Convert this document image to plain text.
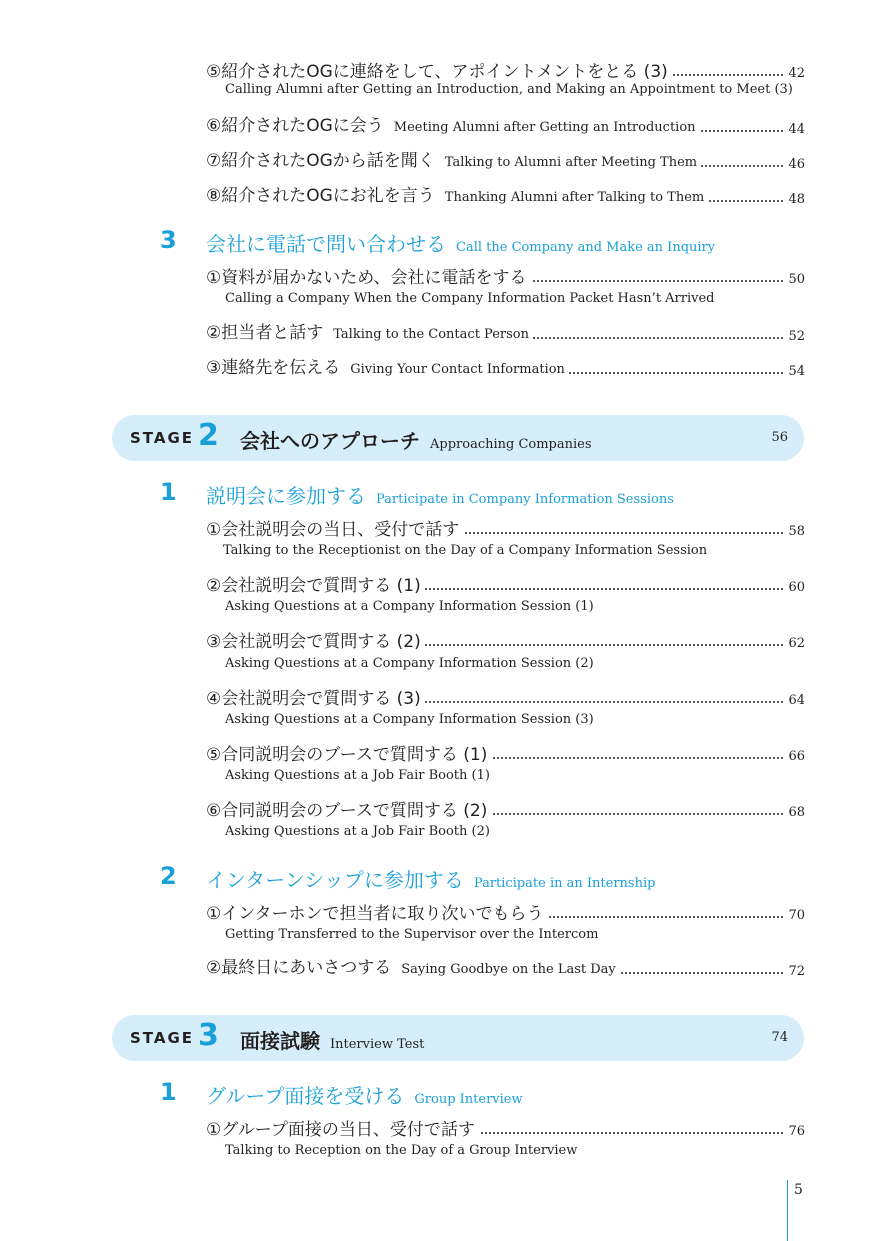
⑤紹介されたOGに連絡をして、アポイントメントをとる (3)	42
Calling Alumni after Getting an Introduction, and Making an Appointment to Meet (3)
⑥紹介されたOGに会う Meeting Alumni after Getting an Introduction	44
⑦紹介されたOGから話を聞く Talking to Alumni after Meeting Them	46
⑧紹介されたOGにお礼を言う Thanking Alumni after Talking to Them	48
3 会社に電話で問い合わせる Call the Company and Make an Inquiry
①資料が届かないため、会社に電話をする	50
Calling a Company When the Company Information Packet Hasn’t Arrived
②担当者と話す Talking to the Contact Person	52
③連絡先を伝える Giving Your Contact Information	54
STAGE 2 会社へのアプローチ Approaching Companies	56
1 説明会に参加する Participate in Company Information Sessions
①会社説明会の当日、受付で話す	58
Talking to the Receptionist on the Day of a Company Information Session
②会社説明会で質問する (1)	60
Asking Questions at a Company Information Session (1)
③会社説明会で質問する (2)	62
Asking Questions at a Company Information Session (2)
④会社説明会で質問する (3)	64
Asking Questions at a Company Information Session (3)
⑤合同説明会のブースで質問する (1)	66
Asking Questions at a Job Fair Booth (1)
⑥合同説明会のブースで質問する (2)	68
Asking Questions at a Job Fair Booth (2)
2 インターンシップに参加する Participate in an Internship
①インターホンで担当者に取り次いでもらう	70
Getting Transferred to the Supervisor over the Intercom
②最終日にあいさつする Saying Goodbye on the Last Day	72
STAGE 3 面接試験 Interview Test	74
1 グループ面接を受ける Group Interview
①グループ面接の当日、受付で話す	76
Talking to Reception on the Day of a Group Interview
5
